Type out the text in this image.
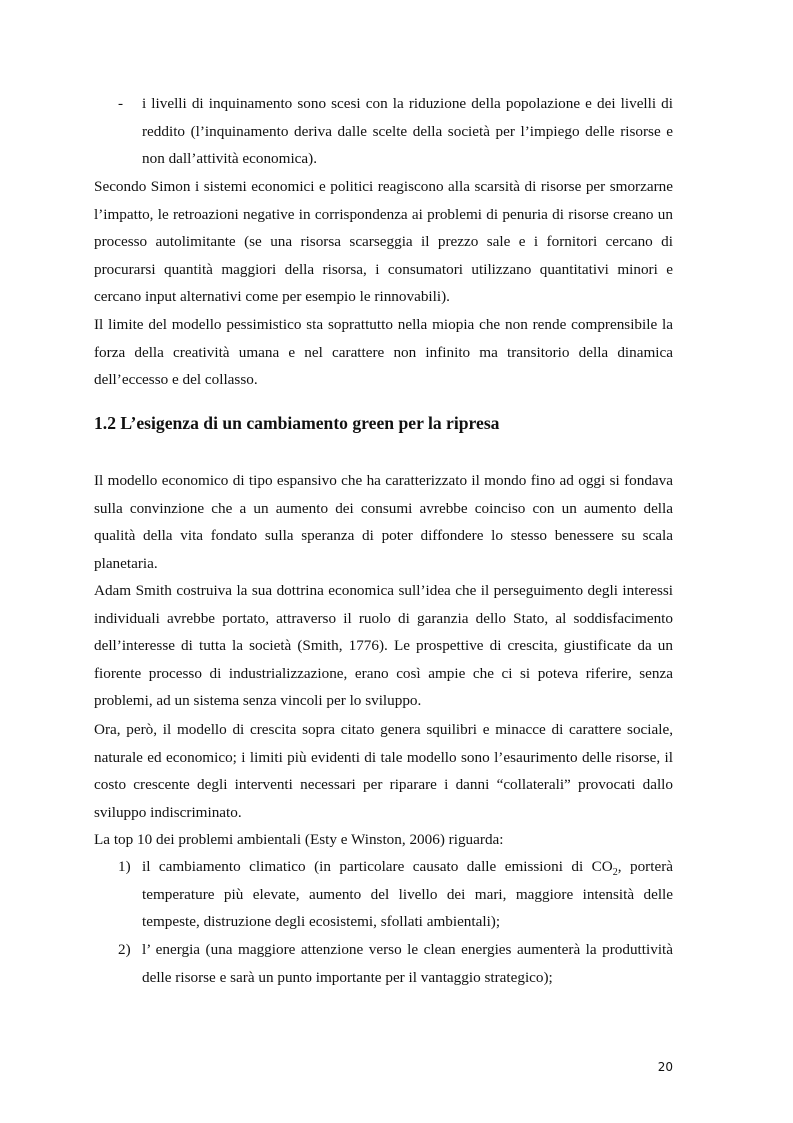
- i livelli di inquinamento sono scesi con la riduzione della popolazione e dei livelli di reddito (l’inquinamento deriva dalle scelte della società per l’impiego delle risorse e non dall’attività economica).
Secondo Simon i sistemi economici e politici reagiscono alla scarsità di risorse per smorzarne l’impatto, le retroazioni negative in corrispondenza ai problemi di penuria di risorse creano un processo autolimitante (se una risorsa scarseggia il prezzo sale e i fornitori cercano di procurarsi quantità maggiori della risorsa, i consumatori utilizzano quantitativi minori e cercano input alternativi come per esempio le rinnovabili).
Il limite del modello pessimistico sta soprattutto nella miopia che non rende comprensibile la forza della creatività umana e nel carattere non infinito ma transitorio della dinamica dell’eccesso e del collasso.
1.2 L’esigenza di un cambiamento green per la ripresa
Il modello economico di tipo espansivo che ha caratterizzato il mondo fino ad oggi si fondava sulla convinzione che a un aumento dei consumi avrebbe coinciso con un aumento della qualità della vita fondato sulla speranza di poter diffondere lo stesso benessere su scala planetaria.
Adam Smith costruiva la sua dottrina economica sull’idea che il perseguimento degli interessi individuali avrebbe portato, attraverso il ruolo di garanzia dello Stato, al soddisfacimento dell’interesse di tutta la società (Smith, 1776). Le prospettive di crescita, giustificate da un fiorente processo di industrializzazione, erano così ampie che ci si poteva riferire, senza problemi, ad un sistema senza vincoli per lo sviluppo.
Ora, però, il modello di crescita sopra citato genera squilibri e minacce di carattere sociale, naturale ed economico; i limiti più evidenti di tale modello sono l’esaurimento delle risorse, il costo crescente degli interventi necessari per riparare i danni “collaterali” provocati dallo sviluppo indiscriminato.
La top 10 dei problemi ambientali (Esty e Winston, 2006) riguarda:
1) il cambiamento climatico (in particolare causato dalle emissioni di $CO_2$, porterà temperature più elevate, aumento del livello dei mari, maggiore intensità delle tempeste, distruzione degli ecosistemi, sfollati ambientali);
2) l’ energia (una maggiore attenzione verso le clean energies aumenterà la produttività delle risorse e sarà un punto importante per il vantaggio strategico);
20
